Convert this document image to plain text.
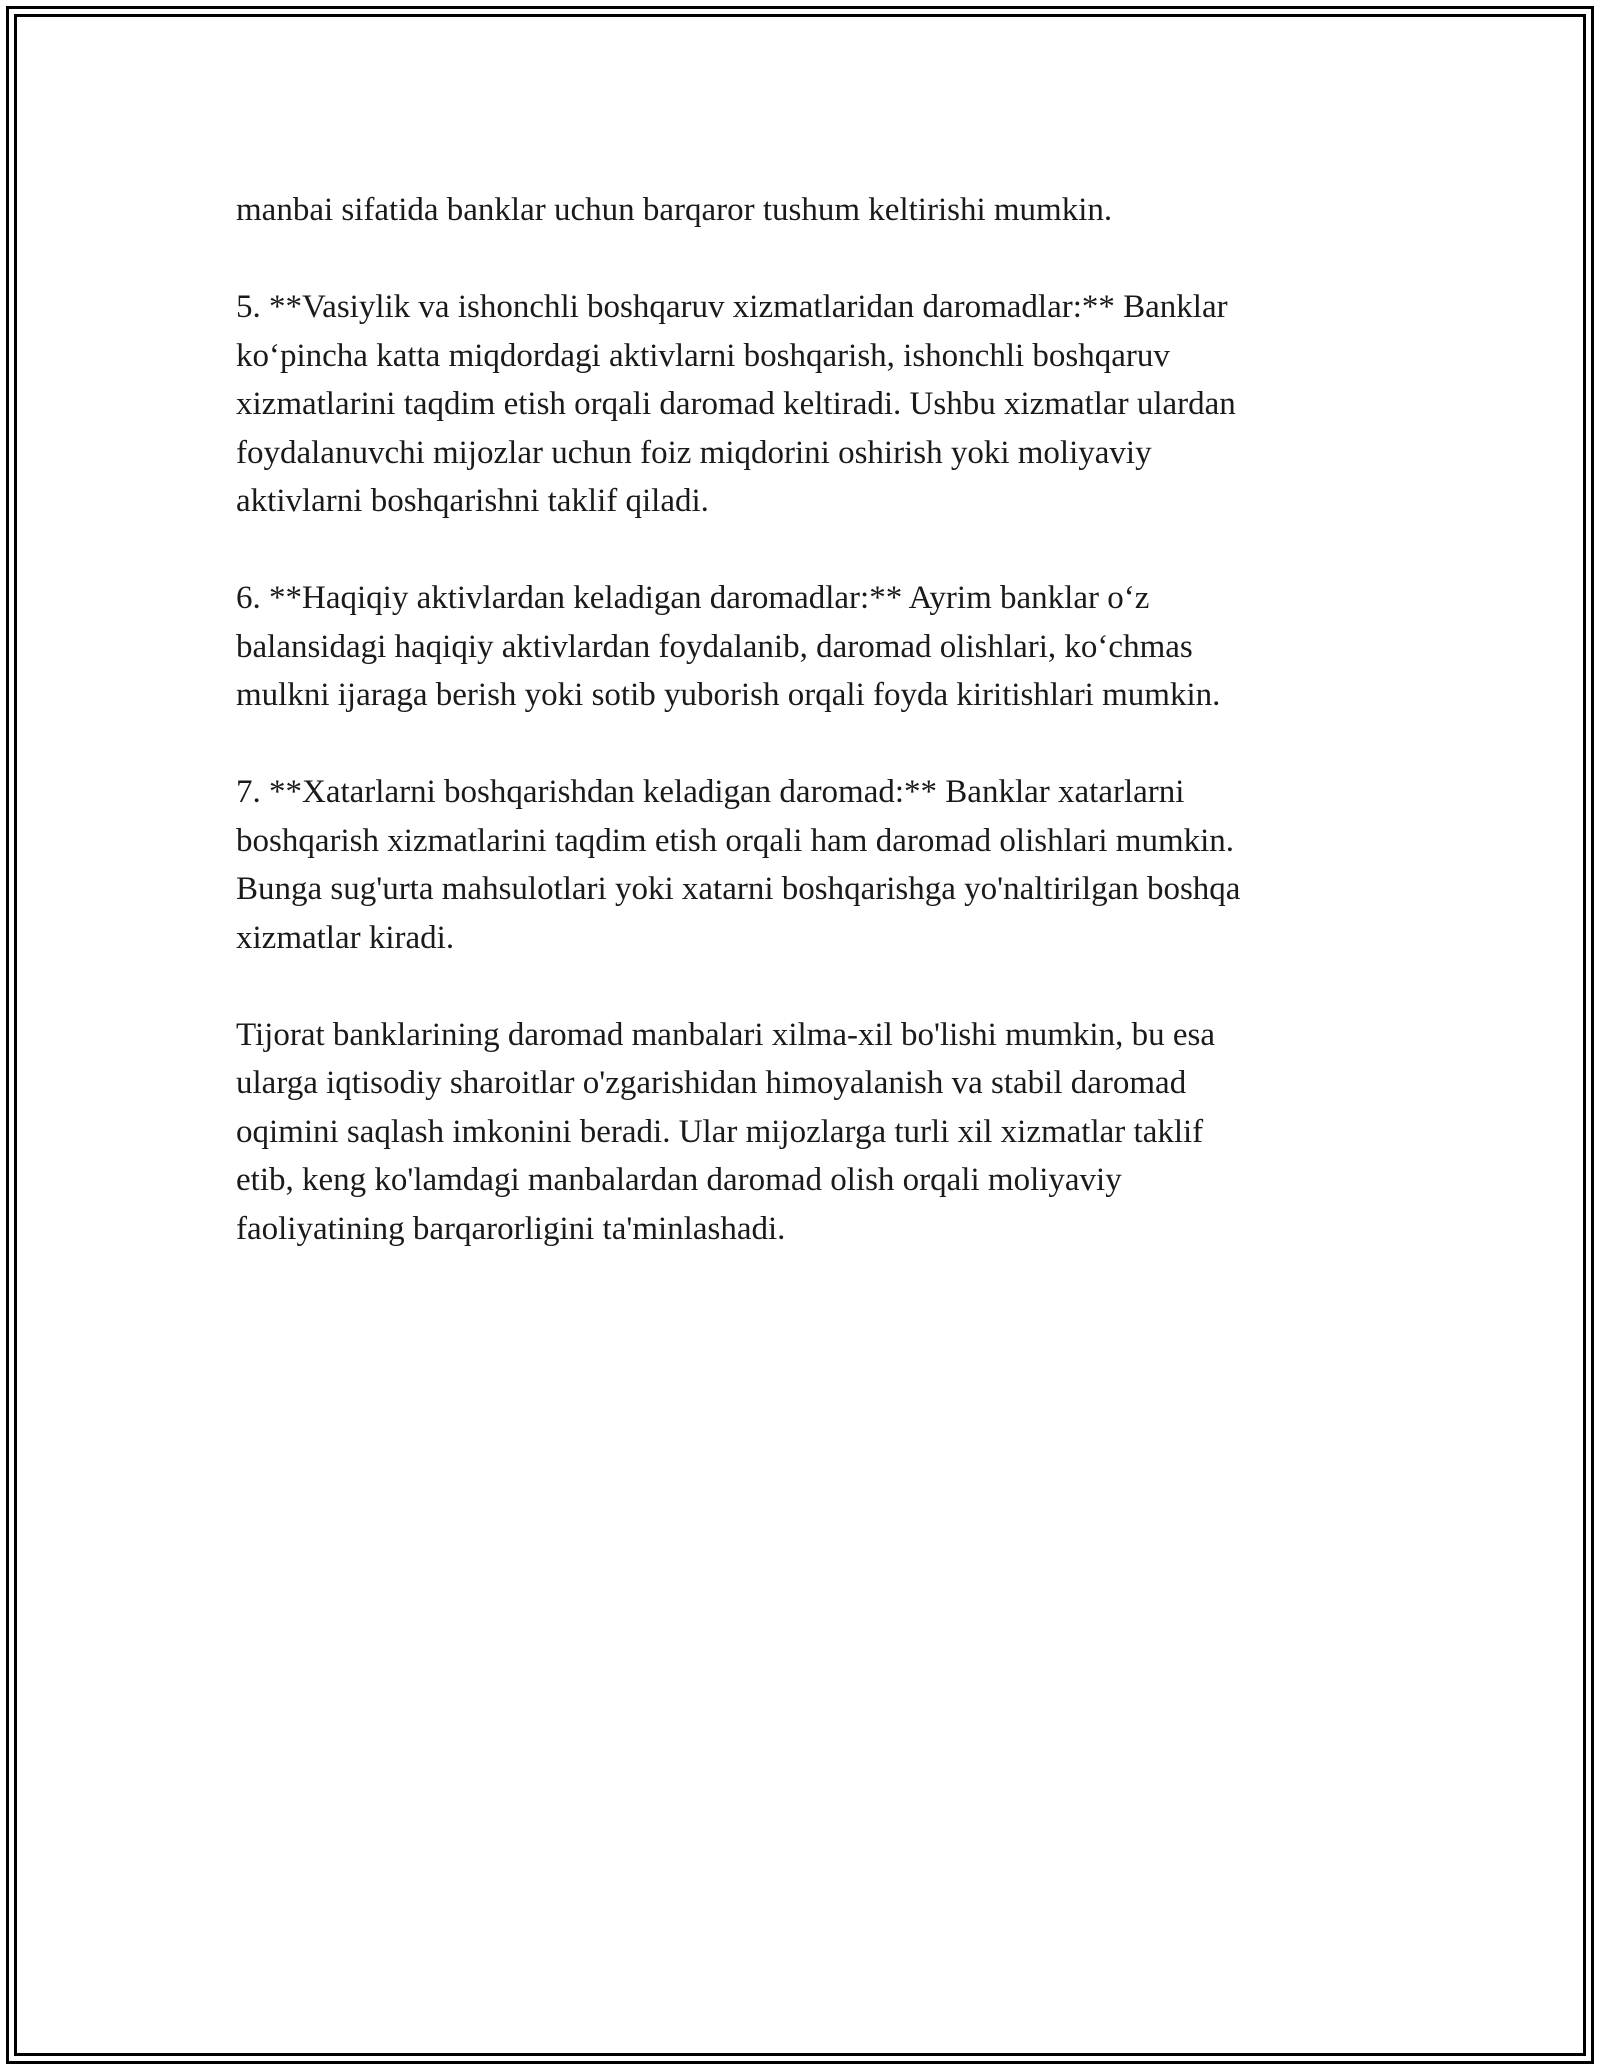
manbai sifatida banklar uchun barqaror tushum keltirishi mumkin.

5. **Vasiylik va ishonchli boshqaruv xizmatlaridan daromadlar:** Banklar
ko‘pincha katta miqdordagi aktivlarni boshqarish, ishonchli boshqaruv
xizmatlarini taqdim etish orqali daromad keltiradi. Ushbu xizmatlar ulardan
foydalanuvchi mijozlar uchun foiz miqdorini oshirish yoki moliyaviy
aktivlarni boshqarishni taklif qiladi.

6. **Haqiqiy aktivlardan keladigan daromadlar:** Ayrim banklar o‘z
balansidagi haqiqiy aktivlardan foydalanib, daromad olishlari, ko‘chmas
mulkni ijaraga berish yoki sotib yuborish orqali foyda kiritishlari mumkin.

7. **Xatarlarni boshqarishdan keladigan daromad:** Banklar xatarlarni
boshqarish xizmatlarini taqdim etish orqali ham daromad olishlari mumkin.
Bunga sug'urta mahsulotlari yoki xatarni boshqarishga yo'naltirilgan boshqa
xizmatlar kiradi.

Tijorat banklarining daromad manbalari xilma-xil bo'lishi mumkin, bu esa
ularga iqtisodiy sharoitlar o'zgarishidan himoyalanish va stabil daromad
oqimini saqlash imkonini beradi. Ular mijozlarga turli xil xizmatlar taklif
etib, keng ko'lamdagi manbalardan daromad olish orqali moliyaviy
faoliyatining barqarorligini ta'minlashadi.
